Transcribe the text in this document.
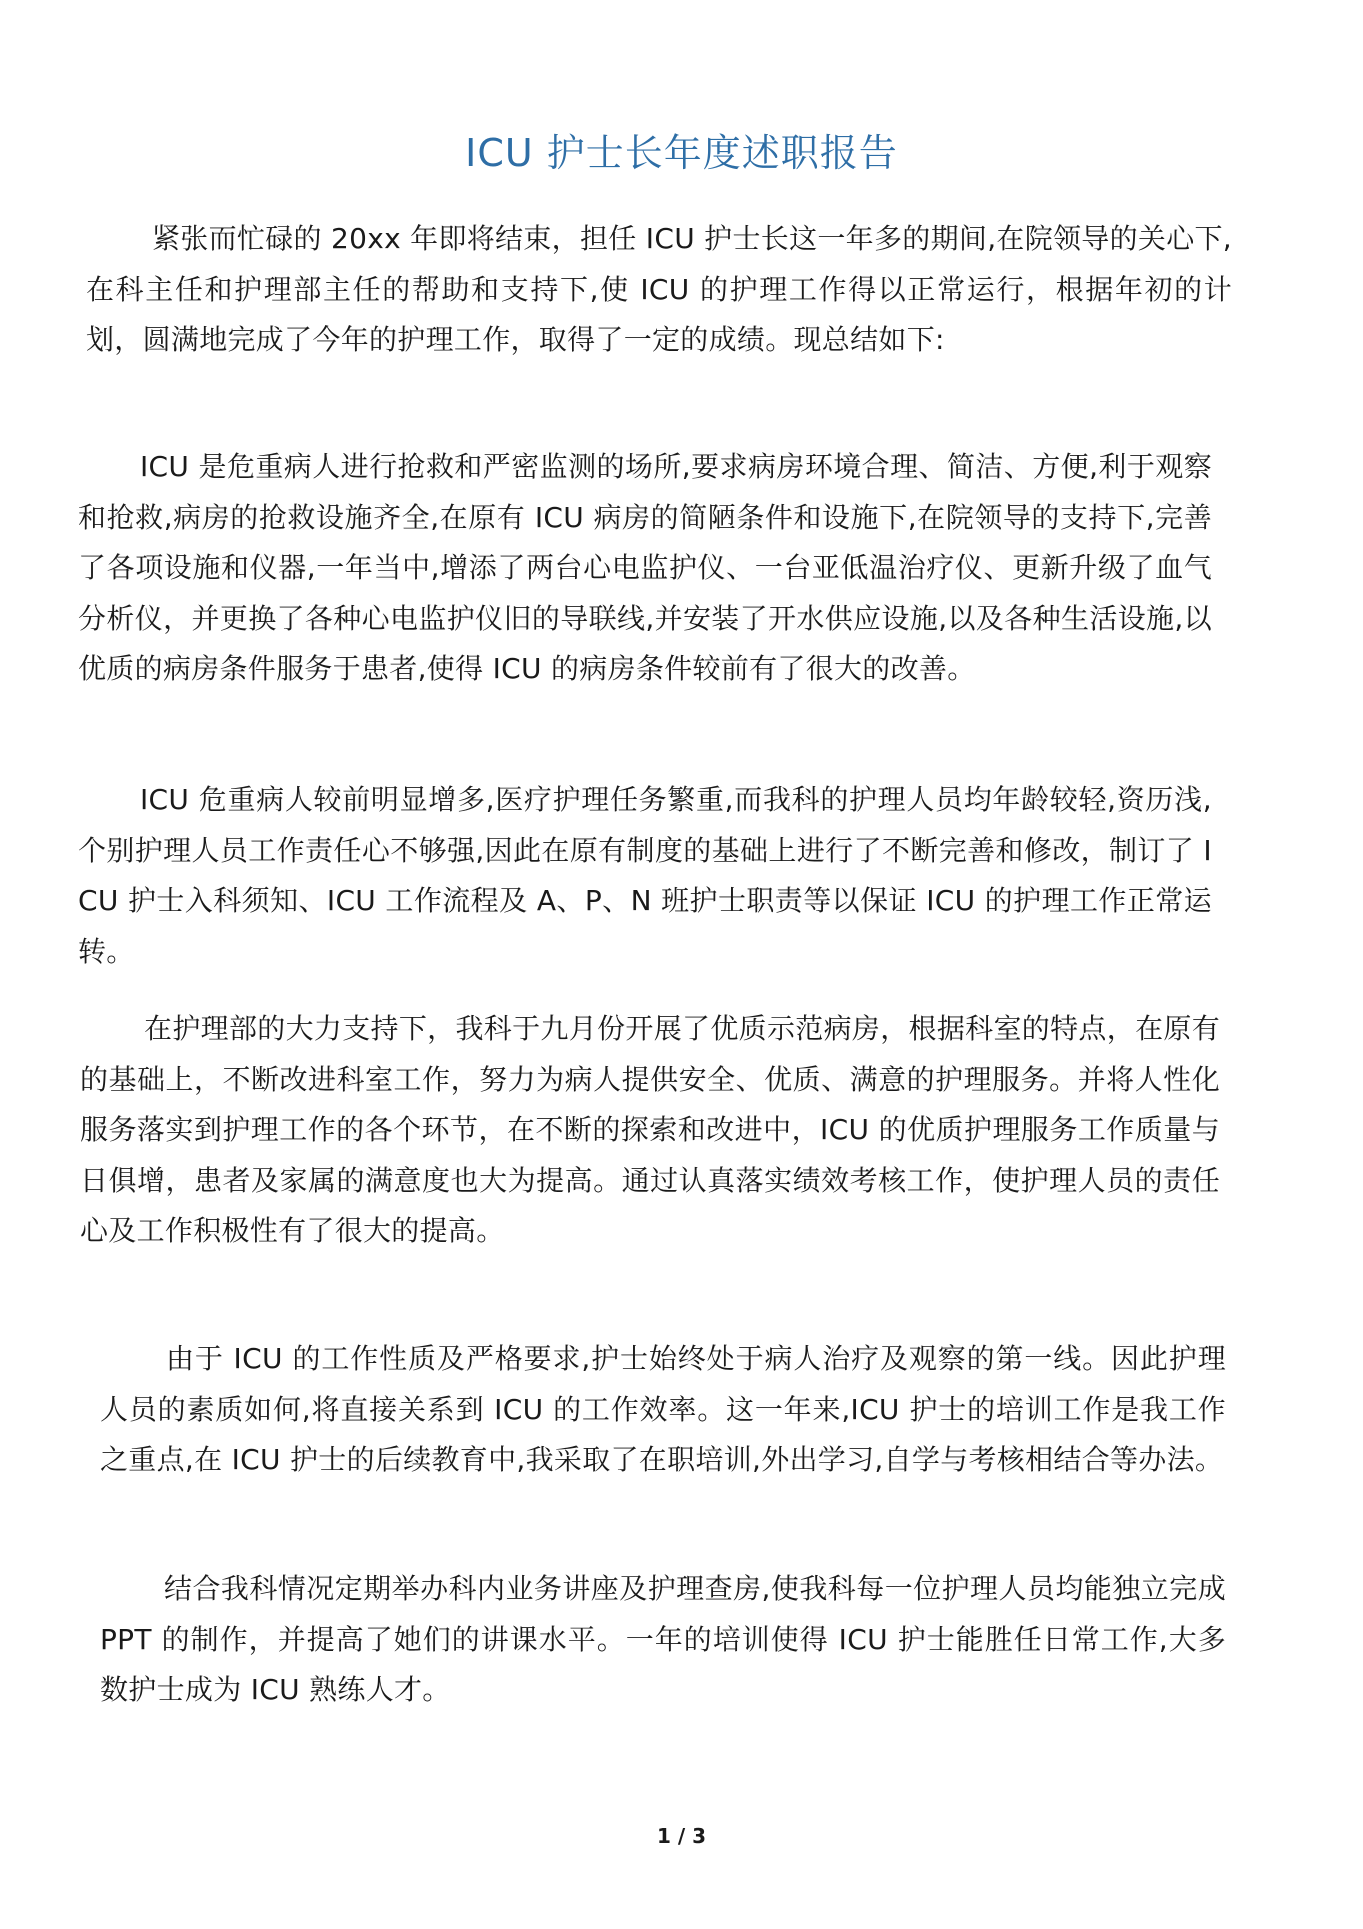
ICU 护士长年度述职报告

紧张而忙碌的 20xx 年即将结束，担任 ICU 护士长这一年多的期间,在院领导的关心下,在科主任和护理部主任的帮助和支持下,使 ICU 的护理工作得以正常运行，根据年初的计划，圆满地完成了今年的护理工作，取得了一定的成绩。现总结如下:

ICU 是危重病人进行抢救和严密监测的场所,要求病房环境合理、简洁、方便,利于观察和抢救,病房的抢救设施齐全,在原有 ICU 病房的简陋条件和设施下,在院领导的支持下,完善了各项设施和仪器,一年当中,增添了两台心电监护仪、一台亚低温治疗仪、更新升级了血气分析仪，并更换了各种心电监护仪旧的导联线,并安装了开水供应设施,以及各种生活设施,以优质的病房条件服务于患者,使得 ICU 的病房条件较前有了很大的改善。

ICU 危重病人较前明显增多,医疗护理任务繁重,而我科的护理人员均年龄较轻,资历浅,个别护理人员工作责任心不够强,因此在原有制度的基础上进行了不断完善和修改，制订了 ICU 护士入科须知、ICU 工作流程及 A、P、N 班护士职责等以保证 ICU 的护理工作正常运转。

在护理部的大力支持下，我科于九月份开展了优质示范病房，根据科室的特点，在原有的基础上，不断改进科室工作，努力为病人提供安全、优质、满意的护理服务。并将人性化服务落实到护理工作的各个环节，在不断的探索和改进中，ICU 的优质护理服务工作质量与日俱增，患者及家属的满意度也大为提高。通过认真落实绩效考核工作，使护理人员的责任心及工作积极性有了很大的提高。

由于 ICU 的工作性质及严格要求,护士始终处于病人治疗及观察的第一线。因此护理人员的素质如何,将直接关系到 ICU 的工作效率。这一年来,ICU 护士的培训工作是我工作之重点,在 ICU 护士的后续教育中,我采取了在职培训,外出学习,自学与考核相结合等办法。

结合我科情况定期举办科内业务讲座及护理查房,使我科每一位护理人员均能独立完成 PPT 的制作，并提高了她们的讲课水平。一年的培训使得 ICU 护士能胜任日常工作,大多数护士成为 ICU 熟练人才。

1 / 3
